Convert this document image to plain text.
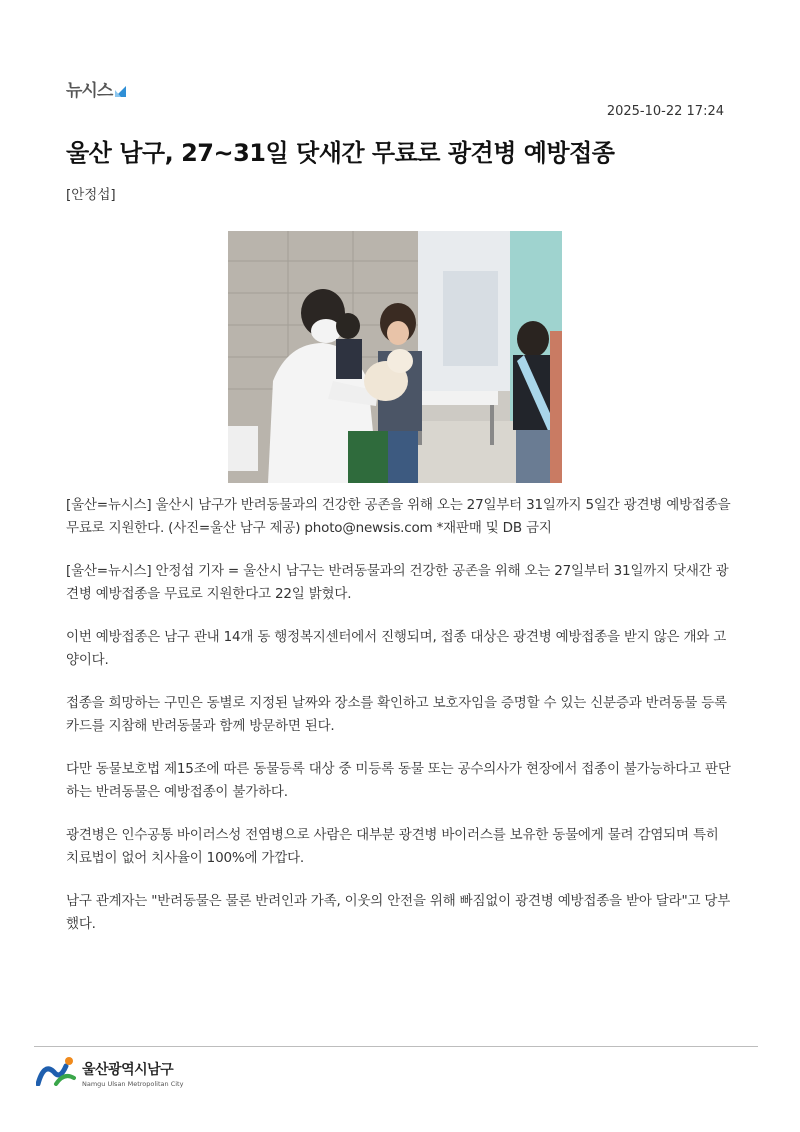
뉴시스
2025-10-22 17:24
울산 남구, 27~31일 닷새간 무료로 광견병 예방접종
[안정섭]

[울산=뉴시스] 울산시 남구가 반려동물과의 건강한 공존을 위해 오는 27일부터 31일까지 5일간 광견병 예방접종을 무료로 지원한다. (사진=울산 남구 제공) photo@newsis.com *재판매 및 DB 금지

[울산=뉴시스] 안정섭 기자 = 울산시 남구는 반려동물과의 건강한 공존을 위해 오는 27일부터 31일까지 닷새간 광견병 예방접종을 무료로 지원한다고 22일 밝혔다.

이번 예방접종은 남구 관내 14개 동 행정복지센터에서 진행되며, 접종 대상은 광견병 예방접종을 받지 않은 개와 고양이다.

접종을 희망하는 구민은 동별로 지정된 날짜와 장소를 확인하고 보호자임을 증명할 수 있는 신분증과 반려동물 등록카드를 지참해 반려동물과 함께 방문하면 된다.

다만 동물보호법 제15조에 따른 동물등록 대상 중 미등록 동물 또는 공수의사가 현장에서 접종이 불가능하다고 판단하는 반려동물은 예방접종이 불가하다.

광견병은 인수공통 바이러스성 전염병으로 사람은 대부분 광견병 바이러스를 보유한 동물에게 물려 감염되며 특히 치료법이 없어 치사율이 100%에 가깝다.

남구 관계자는 "반려동물은 물론 반려인과 가족, 이웃의 안전을 위해 빠짐없이 광견병 예방접종을 받아 달라"고 당부했다.

울산광역시남구
Namgu Ulsan Metropolitan City
